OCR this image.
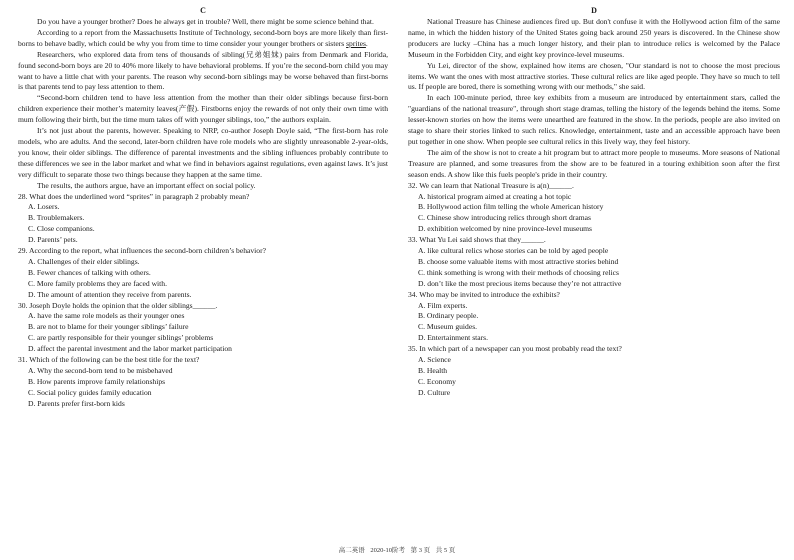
C

Do you have a younger brother? Does he always get in trouble? Well, there might be some science behind that.

According to a report from the Massachusetts Institute of Technology, second-born boys are more likely than first-borns to behave badly, which could be why you from time to time consider your younger brothers or sisters sprites.

Researchers, who explored data from tens of thousands of sibling(兄弟姐妹) pairs from Denmark and Florida, found second-born boys are 20 to 40% more likely to have behavioral problems. If you’re the second-born child you may want to have a little chat with your parents. The reason why second-born siblings may be worse behaved than first-borns is that parents tend to pay less attention to them.

“Second-born children tend to have less attention from the mother than their older siblings because first-born children experience their mother’s maternity leaves(产假). Firstborns enjoy the rewards of not only their own time with mum following their birth, but the time mum takes off with younger siblings, too,” the authors explain.

It’s not just about the parents, however. Speaking to NRP, co-author Joseph Doyle said, “The first-born has role models, who are adults. And the second, later-born children have role models who are slightly unreasonable 2-year-olds, you know, their older siblings. The difference of parental investments and the sibling influences probably contribute to these differences we see in the labor market and what we find in behaviors against regulations, even against laws. It’s just very difficult to separate those two things because they happen at the same time.

The results, the authors argue, have an important effect on social policy.

28. What does the underlined word “sprites” in paragraph 2 probably mean?

A. Losers.

B. Troublemakers.

C. Close companions.

D. Parents’ pets.

29. According to the report, what influences the second-born children’s behavior?

A. Challenges of their elder siblings.

B. Fewer chances of talking with others.

C. More family problems they are faced with.

D. The amount of attention they receive from parents.

30. Joseph Doyle holds the opinion that the older siblings______.

A. have the same role models as their younger ones

B. are not to blame for their younger siblings’ failure

C. are partly responsible for their younger siblings’ problems

D. affect the parental investment and the labor market participation

31. Which of the following can be the best title for the text?

A. Why the second-born tend to be misbehaved

B. How parents improve family relationships

C. Social policy guides family education

D. Parents prefer first-born kids

D

National Treasure has Chinese audiences fired up. But don't confuse it with the Hollywood action film of the same name, in which the hidden history of the United States going back around 250 years is discovered. In the Chinese show producers are lucky –China has a much longer history, and their plan to introduce relics is welcomed by the Palace Museum in the Forbidden City, and eight key province-level museums.

Yu Lei, director of the show, explained how items are chosen, "Our standard is not to choose the most precious items. We want the ones with most attractive stories. These cultural relics are like aged people. They have so much to tell us. If people are bored, there is something wrong with our methods," she said.

In each 100-minute period, three key exhibits from a museum are introduced by entertainment stars, called the "guardians of the national treasure", through short stage dramas, telling the history of the legends behind the items. Some lesser-known stories on how the items were unearthed are featured in the show. In the periods, people are also invited on stage to share their stories linked to such relics. Knowledge, entertainment, taste and an accessible approach have been put together in one show. When people see cultural relics in this lively way, they feel history.

The aim of the show is not to create a hit program but to attract more people to museums. More seasons of National Treasure are planned, and some treasures from the show are to be featured in a touring exhibition soon after the first season ends. A show like this fuels people's pride in their country.

32. We can learn that National Treasure is a(n)______.

A. historical program aimed at creating a hot topic

B. Hollywood action film telling the whole American history

C. Chinese show introducing relics through short dramas

D. exhibition welcomed by nine province-level museums

33. What Yu Lei said shows that they______.

A. like cultural relics whose stories can be told by aged people

B. choose some valuable items with most attractive stories behind

C. think something is wrong with their methods of choosing relics

D. don’t like the most precious items because they’re not attractive

34. Who may be invited to introduce the exhibits?

A. Film experts.

B. Ordinary people.

C. Museum guides.

D. Entertainment stars.

35. In which part of a newspaper can you most probably read the text?

A. Science

B. Health

C. Economy

D. Culture

高二英语 2020-10阶考 第 3 页 共 5 页
